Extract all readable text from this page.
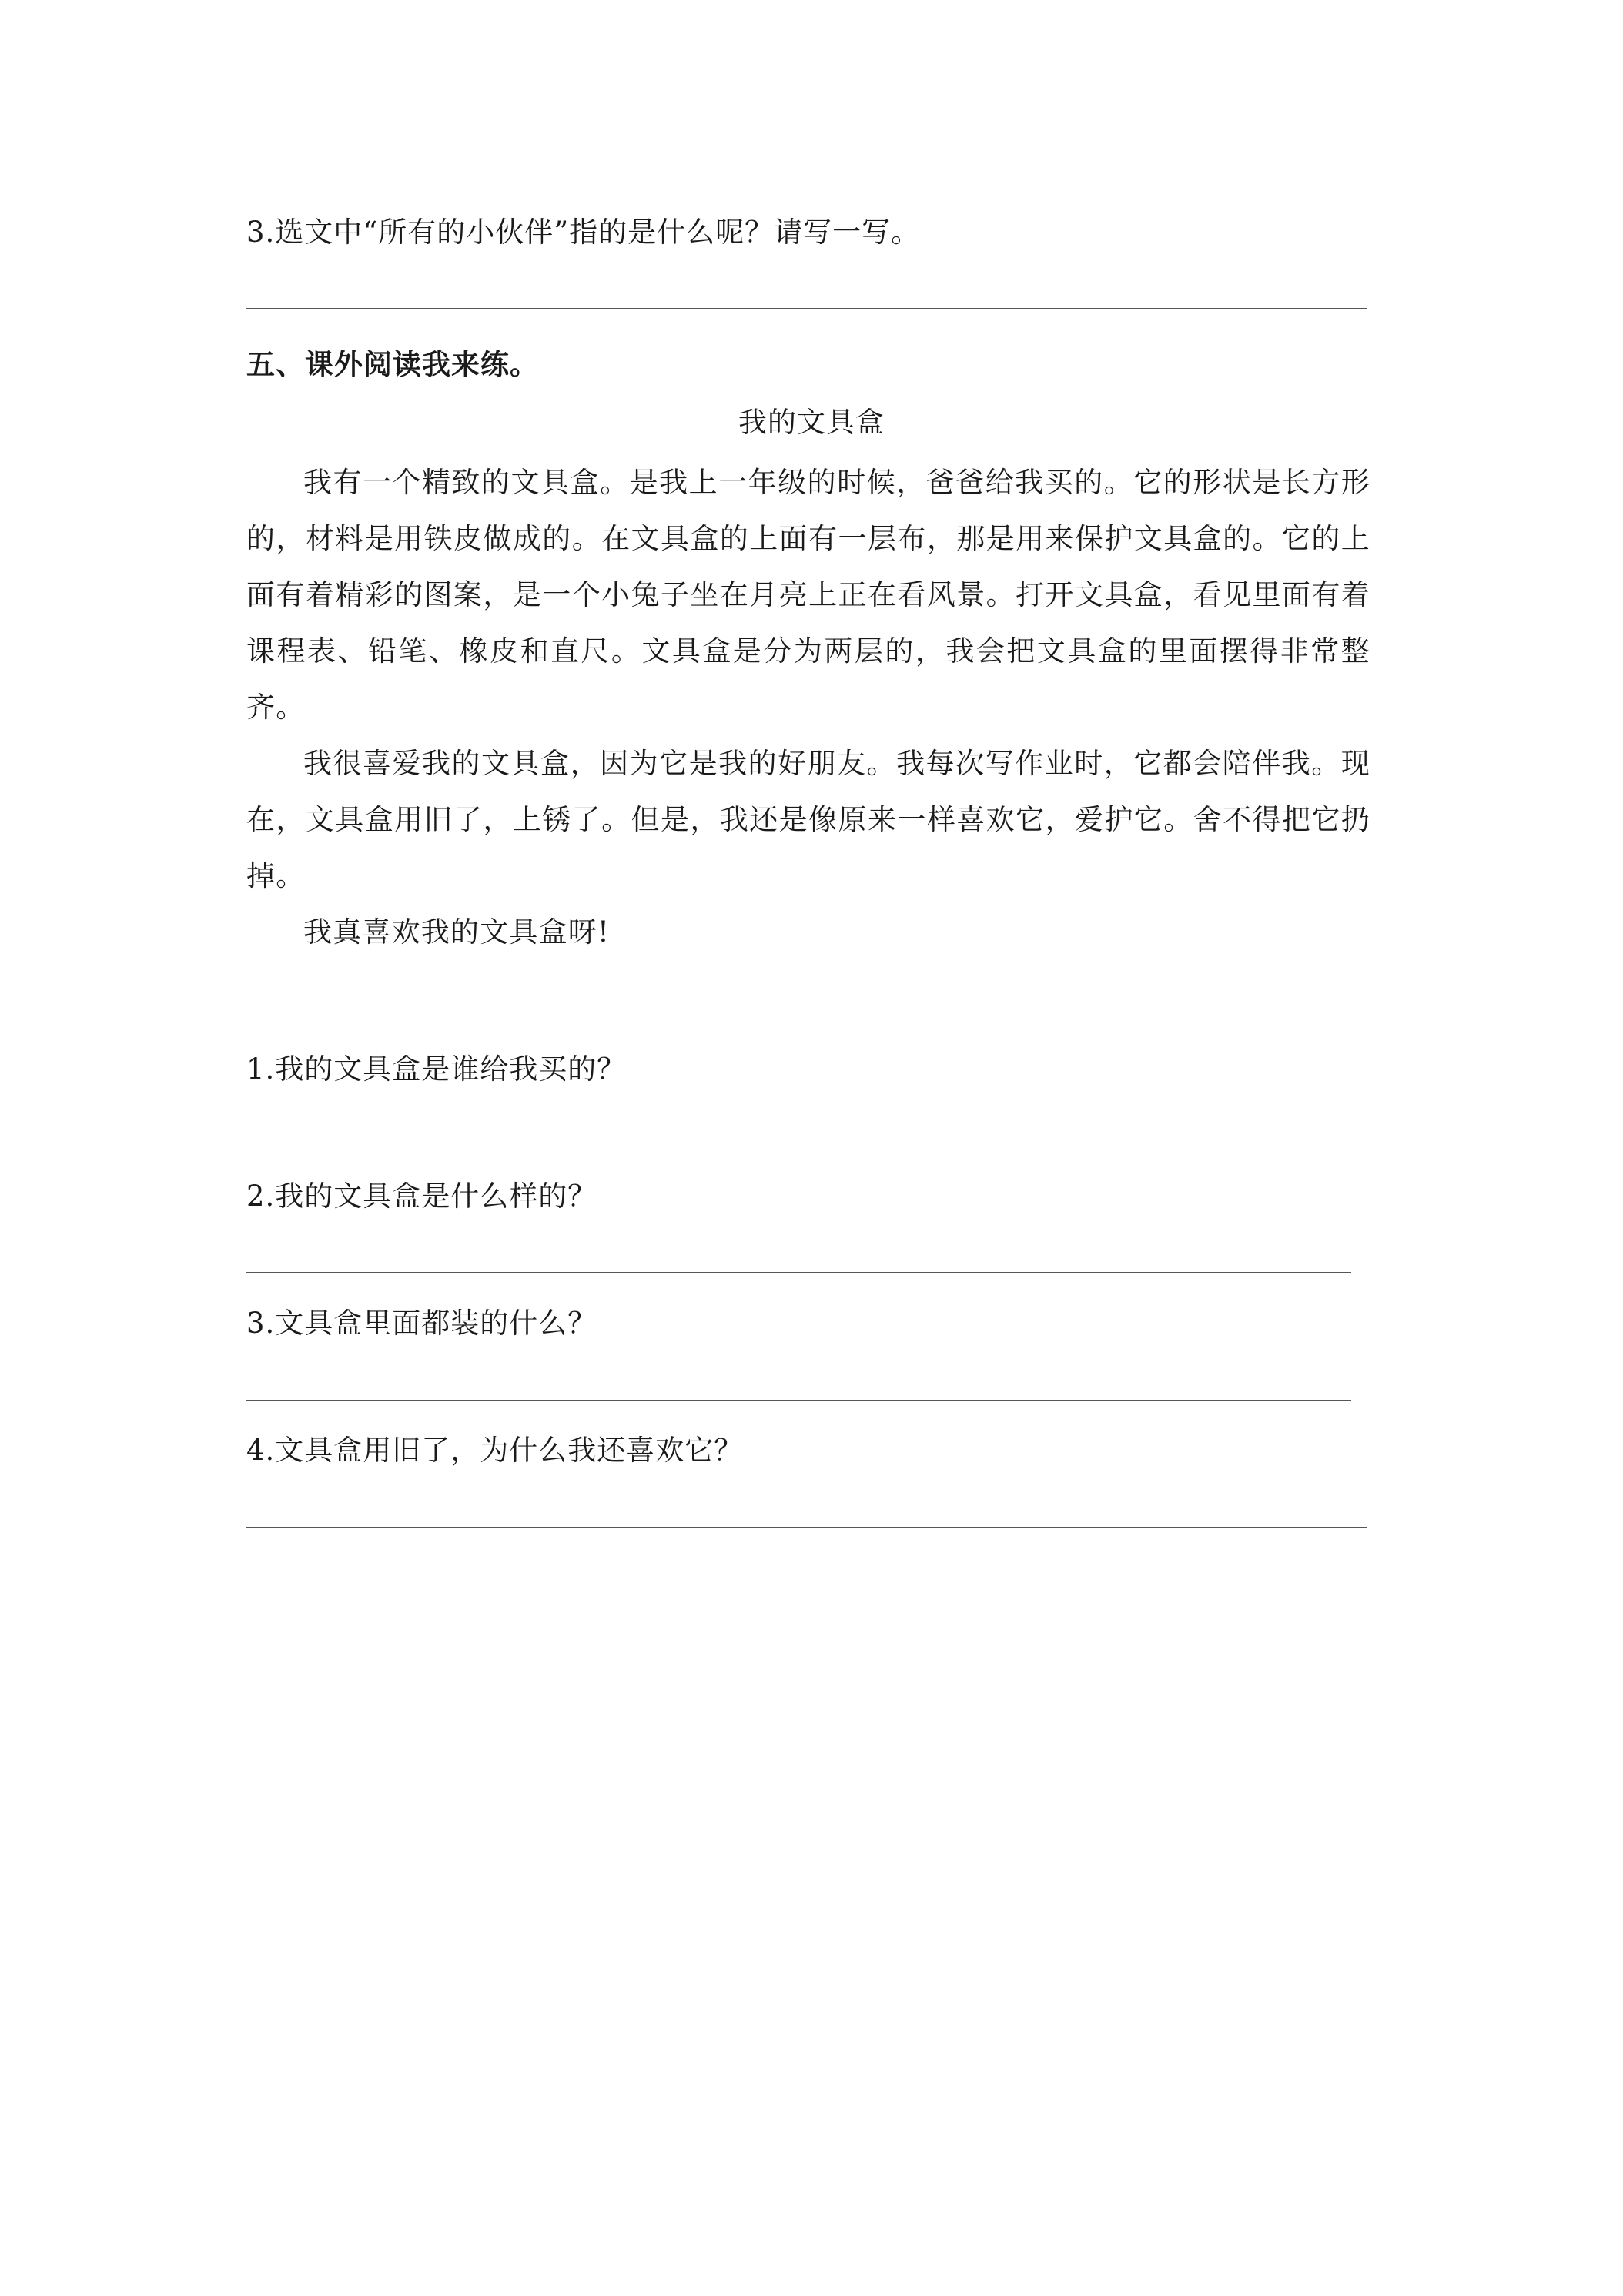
3.选文中“所有的小伙伴”指的是什么呢？请写一写。
五、课外阅读我来练。
我的文具盒

我有一个精致的文具盒。是我上一年级的时候，爸爸给我买的。它的形状是长方形的，材料是用铁皮做成的。在文具盒的上面有一层布，那是用来保护文具盒的。它的上面有着精彩的图案，是一个小兔子坐在月亮上正在看风景。打开文具盒，看见里面有着课程表、铅笔、橡皮和直尺。文具盒是分为两层的，我会把文具盒的里面摆得非常整齐。

我很喜爱我的文具盒，因为它是我的好朋友。我每次写作业时，它都会陪伴我。现在，文具盒用旧了，上锈了。但是，我还是像原来一样喜欢它，爱护它。舍不得把它扔掉。

我真喜欢我的文具盒呀!

1.我的文具盒是谁给我买的？
2.我的文具盒是什么样的？
3.文具盒里面都装的什么？
4.文具盒用旧了，为什么我还喜欢它？
